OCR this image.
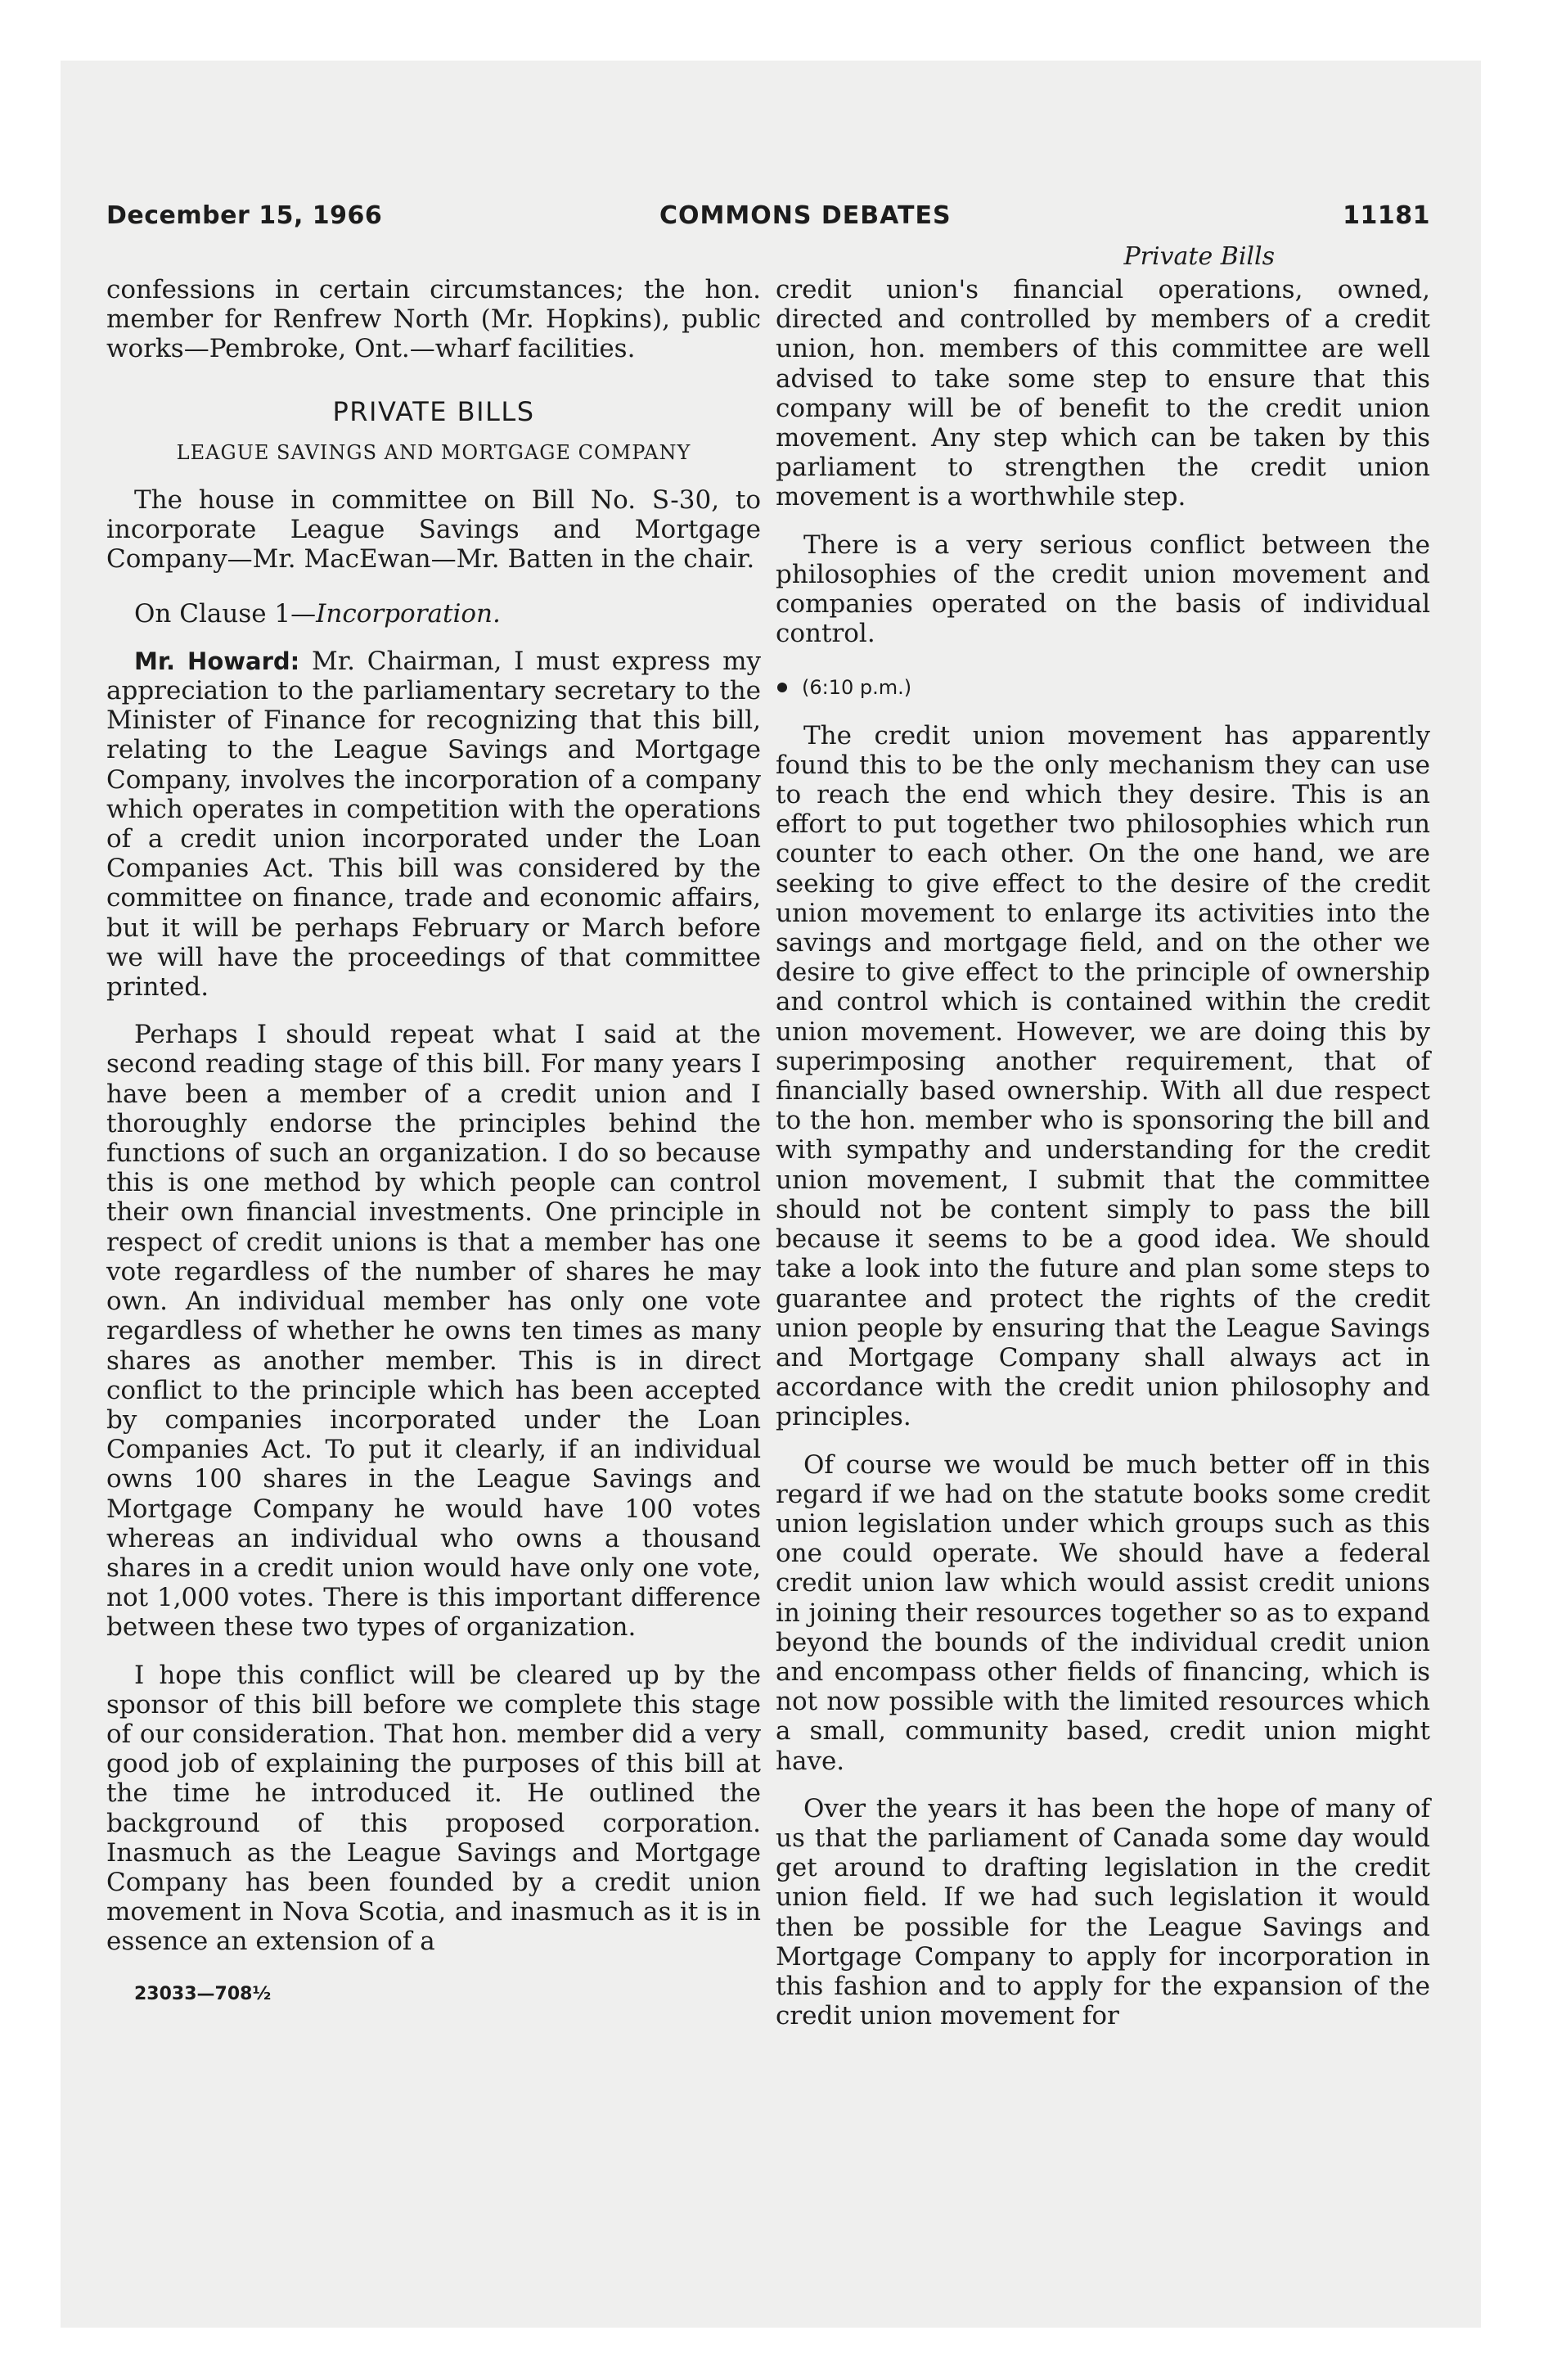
December 15, 1966	COMMONS DEBATES	11181
Private Bills

confessions in certain circumstances; the hon. member for Renfrew North (Mr. Hopkins), public works—Pembroke, Ont.—wharf facilities.

PRIVATE BILLS

LEAGUE SAVINGS AND MORTGAGE COMPANY

The house in committee on Bill No. S-30, to incorporate League Savings and Mortgage Company—Mr. MacEwan—Mr. Batten in the chair.

On Clause 1—Incorporation.

Mr. Howard: Mr. Chairman, I must express my appreciation to the parliamentary secretary to the Minister of Finance for recognizing that this bill, relating to the League Savings and Mortgage Company, involves the incorporation of a company which operates in competition with the operations of a credit union incorporated under the Loan Companies Act. This bill was considered by the committee on finance, trade and economic affairs, but it will be perhaps February or March before we will have the proceedings of that committee printed.

Perhaps I should repeat what I said at the second reading stage of this bill. For many years I have been a member of a credit union and I thoroughly endorse the principles behind the functions of such an organization. I do so because this is one method by which people can control their own financial investments. One principle in respect of credit unions is that a member has one vote regardless of the number of shares he may own. An individual member has only one vote regardless of whether he owns ten times as many shares as another member. This is in direct conflict to the principle which has been accepted by companies incorporated under the Loan Companies Act. To put it clearly, if an individual owns 100 shares in the League Savings and Mortgage Company he would have 100 votes whereas an individual who owns a thousand shares in a credit union would have only one vote, not 1,000 votes. There is this important difference between these two types of organization.

I hope this conflict will be cleared up by the sponsor of this bill before we complete this stage of our consideration. That hon. member did a very good job of explaining the purposes of this bill at the time he introduced it. He outlined the background of this proposed corporation. Inasmuch as the League Savings and Mortgage Company has been founded by a credit union movement in Nova Scotia, and inasmuch as it is in essence an extension of a

23033—708½

credit union's financial operations, owned, directed and controlled by members of a credit union, hon. members of this committee are well advised to take some step to ensure that this company will be of benefit to the credit union movement. Any step which can be taken by this parliament to strengthen the credit union movement is a worthwhile step.

There is a very serious conflict between the philosophies of the credit union movement and companies operated on the basis of individual control.

(6:10 p.m.)

The credit union movement has apparently found this to be the only mechanism they can use to reach the end which they desire. This is an effort to put together two philosophies which run counter to each other. On the one hand, we are seeking to give effect to the desire of the credit union movement to enlarge its activities into the savings and mortgage field, and on the other we desire to give effect to the principle of ownership and control which is contained within the credit union movement. However, we are doing this by superimposing another requirement, that of financially based ownership. With all due respect to the hon. member who is sponsoring the bill and with sympathy and understanding for the credit union movement, I submit that the committee should not be content simply to pass the bill because it seems to be a good idea. We should take a look into the future and plan some steps to guarantee and protect the rights of the credit union people by ensuring that the League Savings and Mortgage Company shall always act in accordance with the credit union philosophy and principles.

Of course we would be much better off in this regard if we had on the statute books some credit union legislation under which groups such as this one could operate. We should have a federal credit union law which would assist credit unions in joining their resources together so as to expand beyond the bounds of the individual credit union and encompass other fields of financing, which is not now possible with the limited resources which a small, community based, credit union might have.

Over the years it has been the hope of many of us that the parliament of Canada some day would get around to drafting legislation in the credit union field. If we had such legislation it would then be possible for the League Savings and Mortgage Company to apply for incorporation in this fashion and to apply for the expansion of the credit union movement for
